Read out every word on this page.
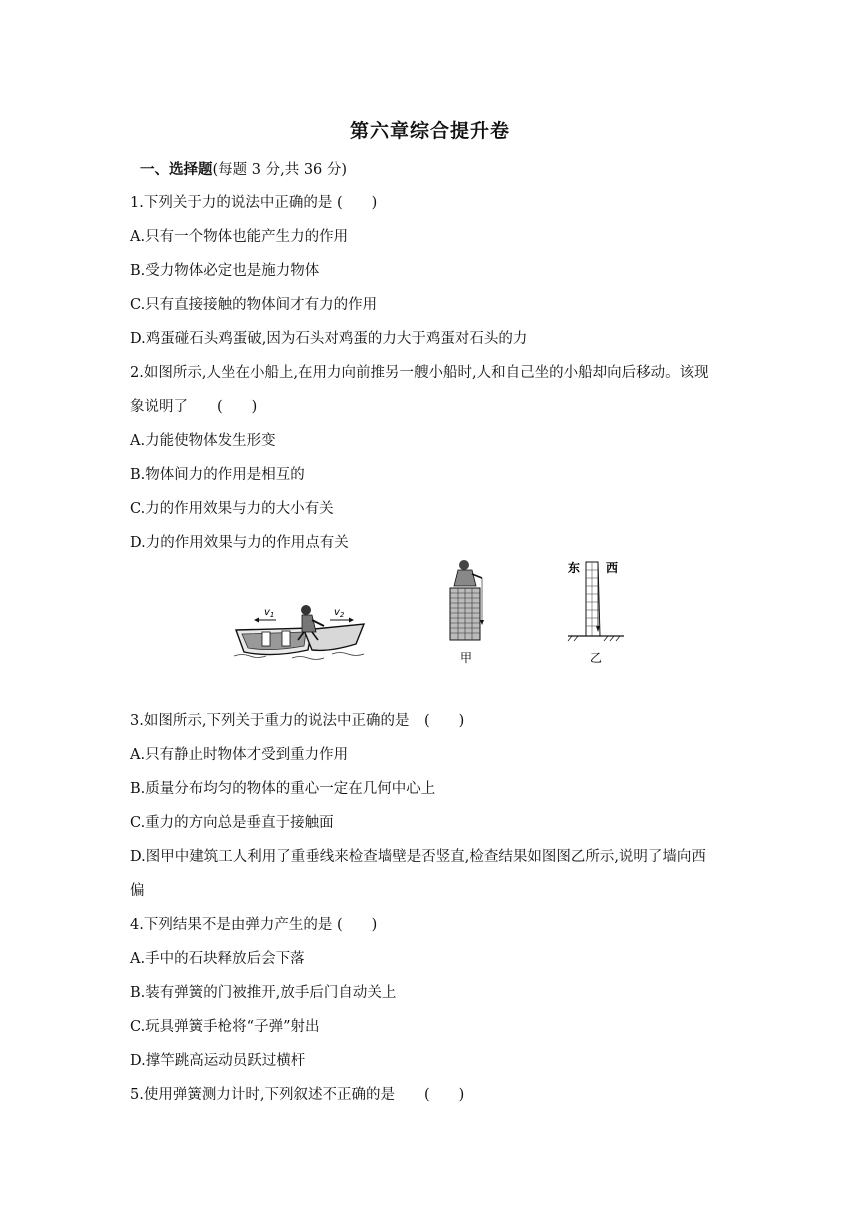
第六章综合提升卷
一、选择题(每题 3 分,共 36 分)
1.下列关于力的说法中正确的是 (　　)
A.只有一个物体也能产生力的作用
B.受力物体必定也是施力物体
C.只有直接接触的物体间才有力的作用
D.鸡蛋碰石头鸡蛋破,因为石头对鸡蛋的力大于鸡蛋对石头的力
2.如图所示,人坐在小船上,在用力向前推另一艘小船时,人和自己坐的小船却向后移动。该现
象说明了　　(　　)
A.力能使物体发生形变
B.物体间力的作用是相互的
C.力的作用效果与力的大小有关
D.力的作用效果与力的作用点有关
$v_1$	$v_2$
甲
东 西
乙
3.如图所示,下列关于重力的说法中正确的是　(　　)
A.只有静止时物体才受到重力作用
B.质量分布均匀的物体的重心一定在几何中心上
C.重力的方向总是垂直于接触面
D.图甲中建筑工人利用了重垂线来检查墙壁是否竖直,检查结果如图图乙所示,说明了墙向西
偏
4.下列结果不是由弹力产生的是 (　　)
A.手中的石块释放后会下落
B.装有弹簧的门被推开,放手后门自动关上
C.玩具弹簧手枪将“子弹”射出
D.撑竿跳高运动员跃过横杆
5.使用弹簧测力计时,下列叙述不正确的是　　(　　)
